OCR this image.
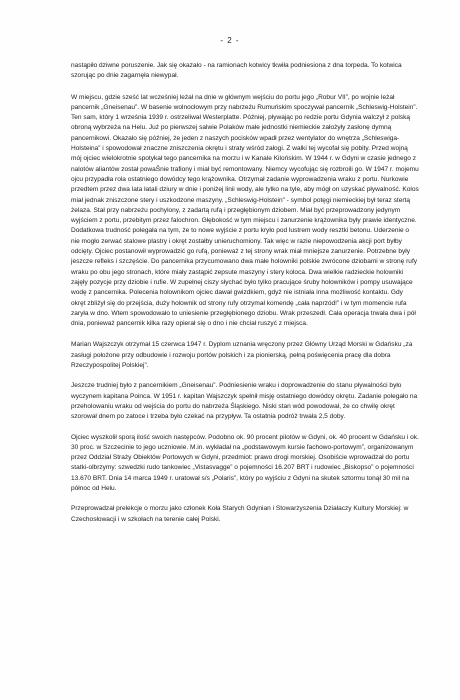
- 2 -

nastąpiło dziwne poruszenie. Jak się okazało - na ramionach kotwicy tkwiła podniesiona z dna torpeda. To kotwica szorując po dnie zagarnęła niewypał.

W miejscu, gdzie sześć lat wcześniej leżał na dnie w głównym wejściu do portu jego „Robur VII”, po wojnie leżał pancernik „Gneisenau”. W basenie wolnocłowym przy nabrzeżu Rumuńskim spoczywał pancernik „Schleswig-Holstein”. Ten sam, który 1 września 1939 r. ostrzeliwał Westerplatte. Później, pływając po redzie portu Gdynia walczył z polską obroną wybrzeża na Helu. Już po pierwszej salwie Polaków małe jednostki niemieckie założyły zasłonę dymną pancernikowi. Okazało się później, że jeden z naszych pocisków wpadł przez wentylator do wnętrza „Schleswiga-Holsteina” i spowodował znaczne zniszczenia okrętu i straty wśród załogi. Z walki tej wycofał się pobity. Przed wojną mój ojciec wielokrotnie spotykał tego pancernika na morzu i w Kanale Kilońskim. W 1944 r. w Gdyni w czasie jednego z nalotów aliantów został powaŜnie trafiony i miał być remontowany. Niemcy wycofując się rozbroili go. W 1947 r. mojemu ojcu przypadła rola ostatniego dowódcy tego krążownika. Otrzymał zadanie wyprowadzenia wraku z portu. Nurkowie przedtem przez dwa lata łatali dziury w dnie i poniżej linii wody, ale tylko na tyle, aby mógł on uzyskać pływalność. Kolos miał jednak zniszczone stery i uszkodzone maszyny. „Schleswig-Holstein” - symbol potęgi niemieckiej był teraz stertą żelaza. Stał przy nabrzeżu pochylony, z zadartą rufą i przegłębionym dziobem. Miał być przeprowadzony jedynym wyjściem z portu, przebitym przez falochron. Głębokość w tym miejscu i zanurzenie krążownika były prawie identyczne. Dodatkowa trudność polegała na tym, że to nowe wyjście z portu kryło pod lustrem wody resztki betonu. Uderzenie o nie mogło zerwać stalowe plastry i okręt zostałby unieruchomiony. Tak więc w razie niepowodzenia akcji port byłby odcięty. Ojciec postanowił wyprowadzić go rufą, ponieważ z tej strony wrak miał mniejsze zanurzenie. Potrzebne były jeszcze refleks i szczęście. Do pancernika przycumowano dwa małe holowniki polskie zwrócone dziobami w stronę rufy wraku po obu jego stronach, które miały zastąpić zepsute maszyny i stery koloса. Dwa wielkie radzieckie holowniki zajęły pozycje przy dziobie i rufie. W zupełnej ciszy słychać było tylko pracujące śruby holowników i pompy usuwające wodę z pancernika. Polecenia holownikom ojciec dawał gwizdkiem, gdyż nie istniała inna możliwość kontaktu. Gdy okręt zbliżył się do przejścia, duży holownik od strony rufy otrzymał komendę „cała naprzód!” i w tym momencie rufa zaryła w dno. Wtem spowodowało to uniesienie przegłębionego dziobu. Wrak przeszedł. Cała operacja trwała dwa i pół dnia, ponieważ pancernik kilka razy opierał się o dno i nie chciał ruszyć z miejsca.

Marian Wajszczyk otrzymał 15 czerwca 1947 r. Dyplom uznania wręczony przez Główny Urząd Morski w Gdańsku „za zasługi położone przy odbudowie i rozwoju portów polskich i za pionierską, pełną poświęcenia pracę dla dobra Rzeczypospolitej Polskiej”.

Jeszcze trudniej było z pancernikiem „Gneisenau”. Podniesienie wraku i doprowadzenie do stanu pływalności było wyczynem kapitana Poinca. W 1951 r. kapitan Wajszczyk spełnił misję ostatniego dowódcy okrętu. Zadanie polegało na przeholowaniu wraku od wejścia do portu do nabrzeża Śląskiego. Niski stan wód powodował, że co chwilę okręt szorował dnem po zatoce i trzeba było czekać na przypływ. Ta ostatnia podróż trwała 2,5 doby.

Ojciec wyszkolił sporą ilość swoich następców. Podobno ok. 90 procent pilotów w Gdyni, ok. 40 procent w Gdańsku i ok. 30 proc. w Szczecinie to jego uczniowie. M.in. wykładał na „podstawowym kursie fachowo-portowym”, organizowanym przez Oddział Straży Obiektów Portowych w Gdyni, przedmiot: prawo drogi morskiej. Osobiście wprowadzał do portu statki-olbrzymy: szwedzki rudo tankowiec „Vistasvagge” o pojemności 16.207 BRT i rudowiec „Biskopso” o pojemności 13.670 BRT. Dnia 14 marca 1949 r. uratował s/s „Polaris”, który po wyjściu z Gdyni na skutek sztormu tonął 30 mil na północ od Helu.

Przeprowadzał prelekcje o morzu jako członek Koła Starych Gdynian i Stowarzyszenia Działaczy Kultury Morskiej: w Czechosłowacji i w szkołach na terenie całej Polski.
